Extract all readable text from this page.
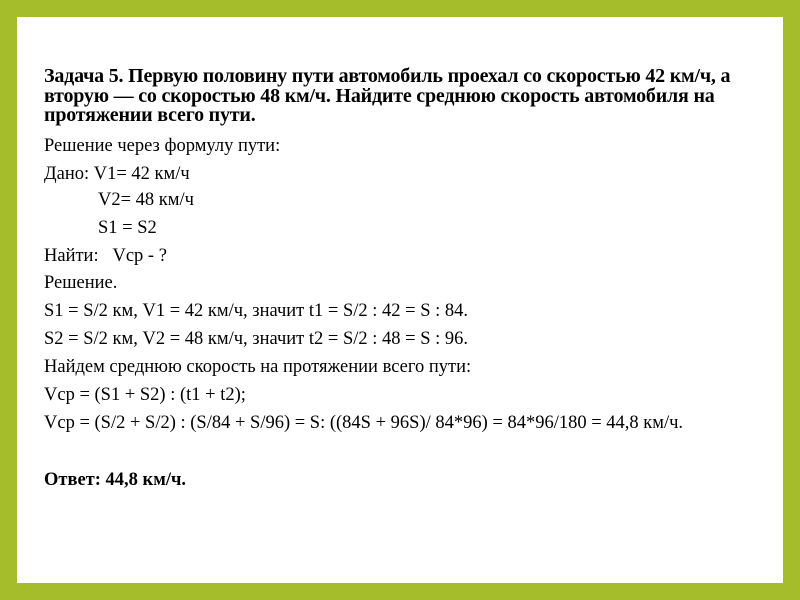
Задача 5. Первую половину пути автомобиль проехал со скоростью 42 км/ч, а вторую — со скоростью 48 км/ч. Найдите среднюю скорость автомобиля на протяжении всего пути.
Решение через формулу пути:
Дано: V1= 42 км/ч
V2= 48 км/ч
S1 = S2
Найти:   Vcp - ?
Решение.
S1 = S/2 км, V1 = 42 км/ч, значит t1 = S/2 : 42 = S : 84.
S2 = S/2 км, V2 = 48 км/ч, значит t2 = S/2 : 48 = S : 96.
Найдем среднюю скорость на протяжении всего пути:
Vcp = (S1 + S2) : (t1 + t2);
Vcp = (S/2 + S/2) : (S/84 + S/96) = S: ((84S + 96S)/ 84*96) = 84*96/180 = 44,8 км/ч.
Ответ: 44,8 км/ч.
